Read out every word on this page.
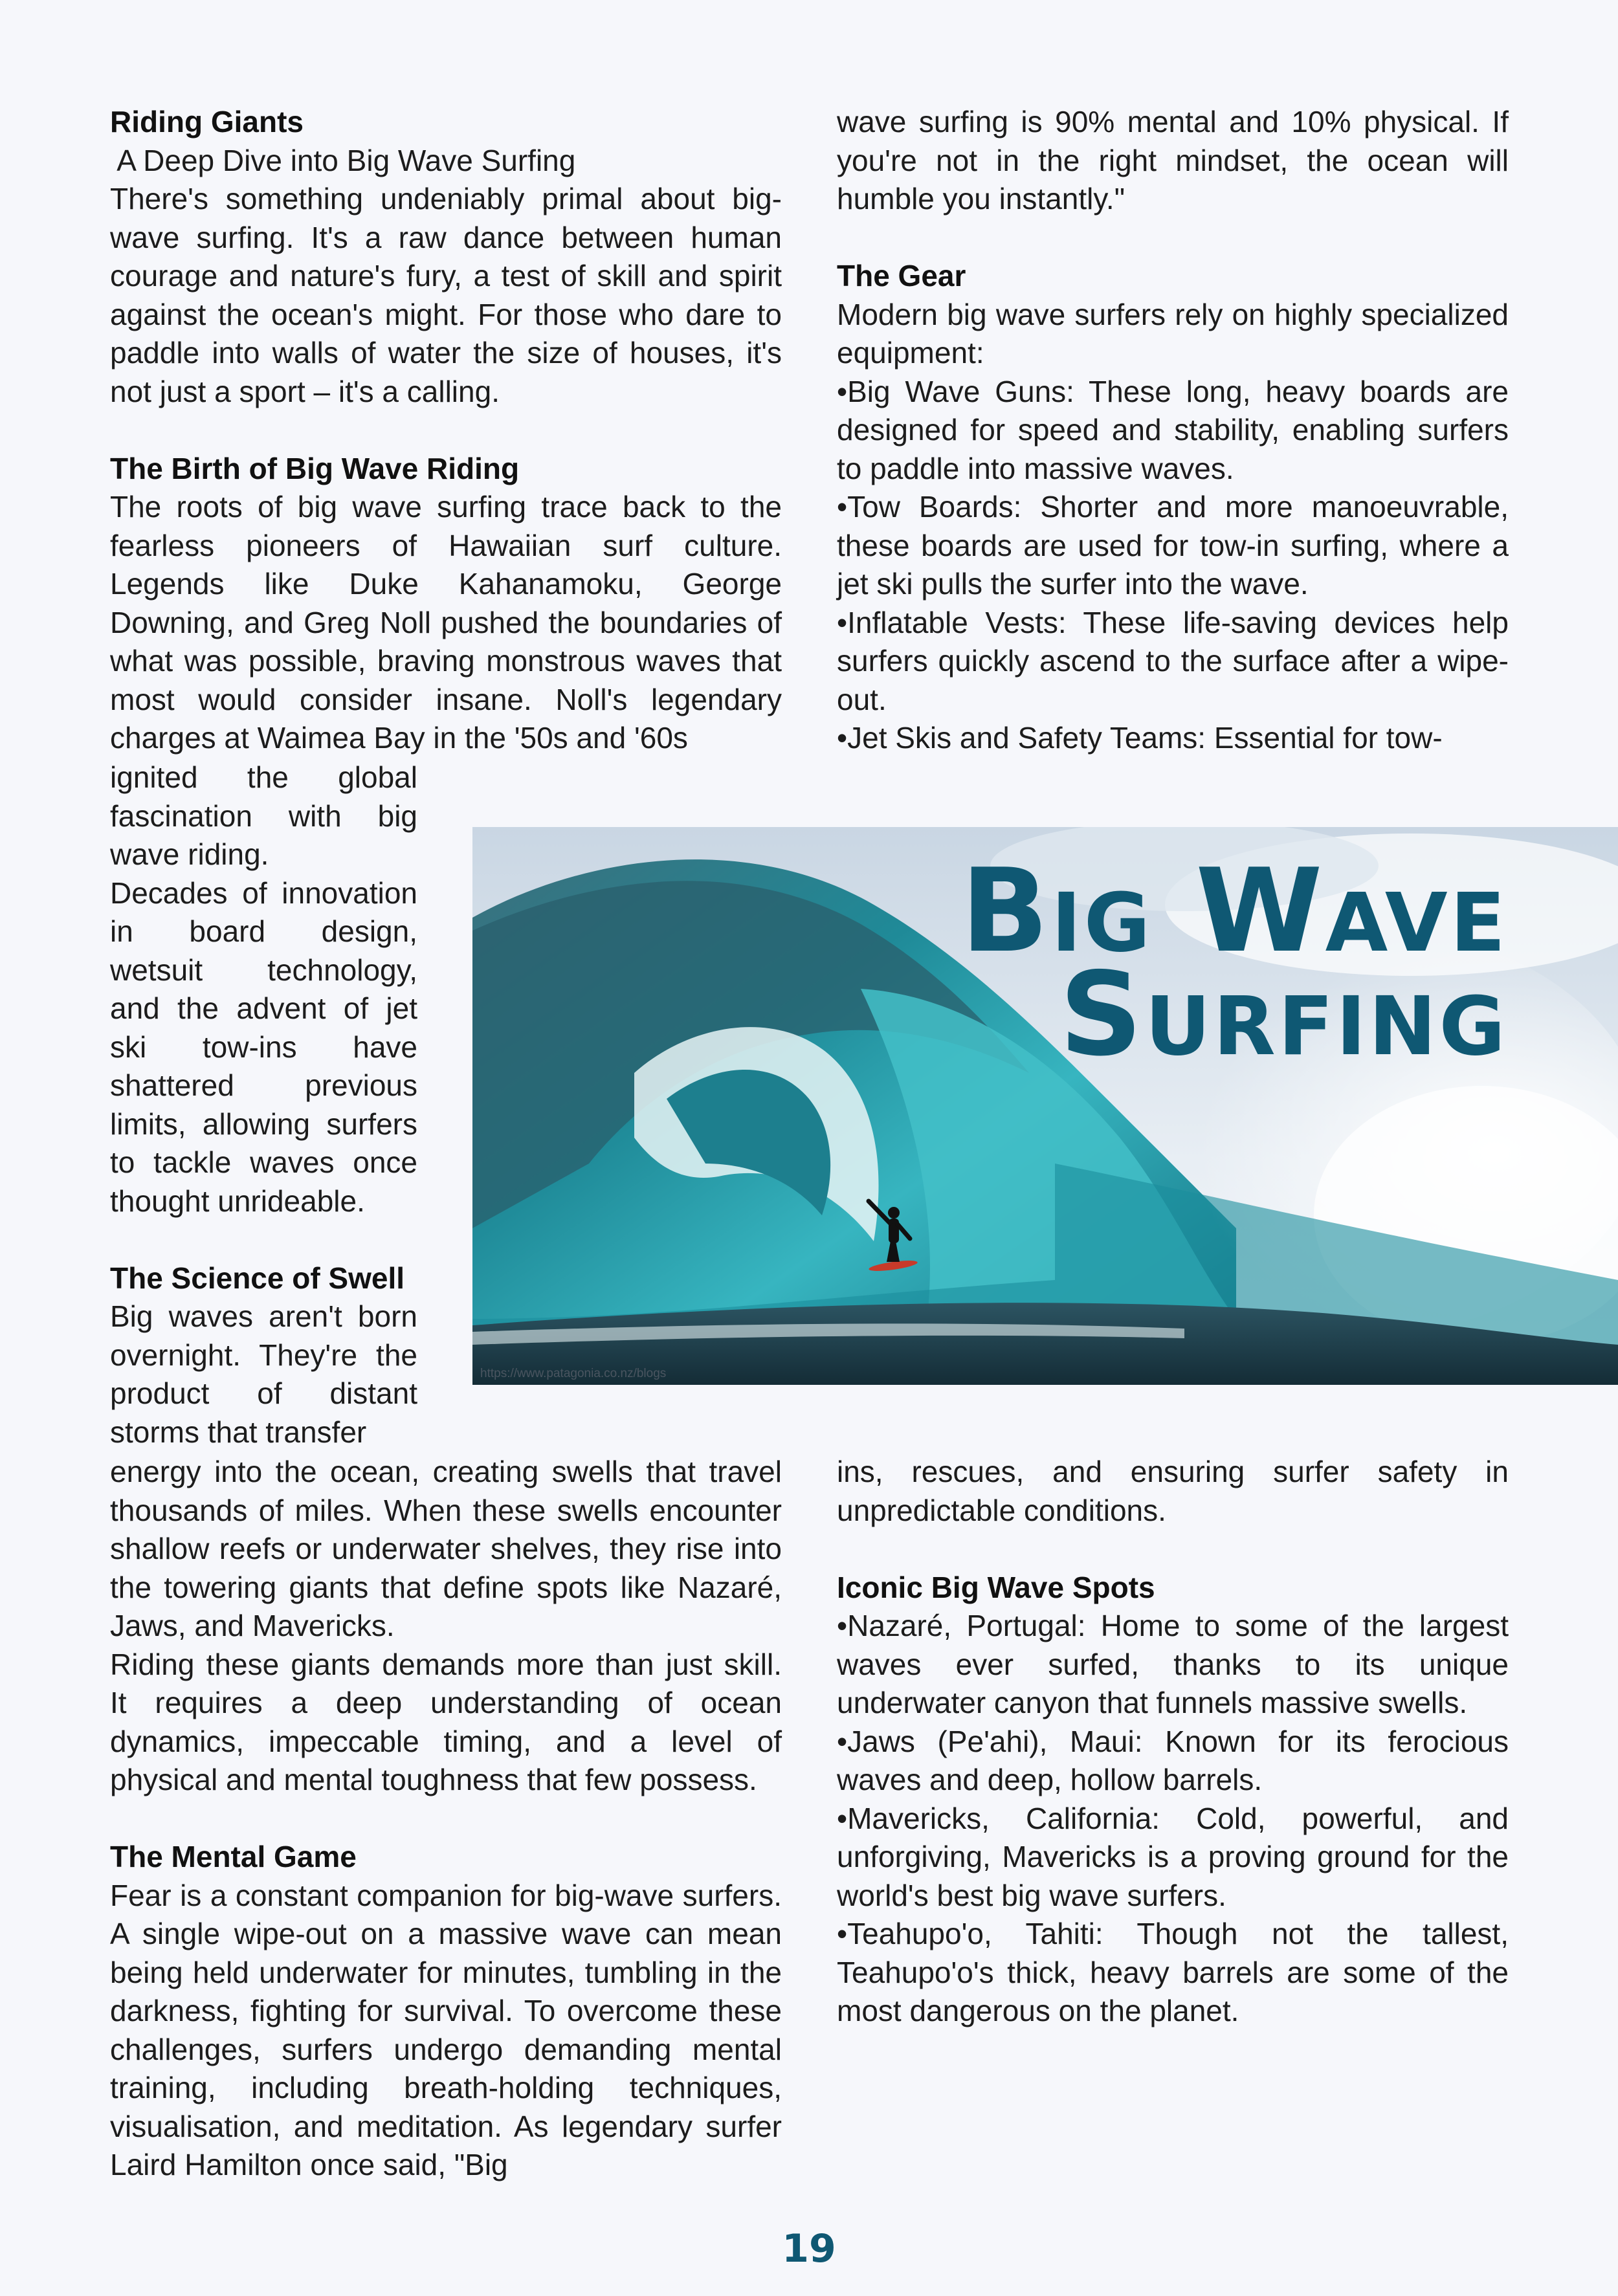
Riding Giants

A Deep Dive into Big Wave Surfing

There's something undeniably primal about big-wave surfing. It's a raw dance between human courage and nature's fury, a test of skill and spirit against the ocean's might. For those who dare to paddle into walls of water the size of houses, it's not just a sport – it's a calling.

The Birth of Big Wave Riding

The roots of big wave surfing trace back to the fearless pioneers of Hawaiian surf culture. Legends like Duke Kahanamoku, George Downing, and Greg Noll pushed the boundaries of what was possible, braving monstrous waves that most would consider insane. Noll's legendary charges at Waimea Bay in the '50s and '60s

ignited the global fascination with big wave riding.

Decades of innovation in board design, wetsuit technology, and the advent of jet ski tow-ins have shattered previous limits, allowing surfers to tackle waves once thought unrideable.

The Science of Swell

Big waves aren't born overnight. They're the product of distant storms that transfer

energy into the ocean, creating swells that travel thousands of miles. When these swells encounter shallow reefs or underwater shelves, they rise into the towering giants that define spots like Nazaré, Jaws, and Mavericks.

Riding these giants demands more than just skill. It requires a deep understanding of ocean dynamics, impeccable timing, and a level of physical and mental toughness that few possess.

The Mental Game

Fear is a constant companion for big-wave surfers. A single wipe-out on a massive wave can mean being held underwater for minutes, tumbling in the darkness, fighting for survival. To overcome these challenges, surfers undergo demanding mental training, including breath-holding techniques, visualisation, and meditation. As legendary surfer Laird Hamilton once said, "Big

wave surfing is 90% mental and 10% physical. If you're not in the right mindset, the ocean will humble you instantly."

The Gear

Modern big wave surfers rely on highly specialized equipment:

•Big Wave Guns: These long, heavy boards are designed for speed and stability, enabling surfers to paddle into massive waves.

•Tow Boards: Shorter and more manoeuvrable, these boards are used for tow-in surfing, where a jet ski pulls the surfer into the wave.

•Inflatable Vests: These life-saving devices help surfers quickly ascend to the surface after a wipe-out.

•Jet Skis and Safety Teams: Essential for tow-

ins, rescues, and ensuring surfer safety in unpredictable conditions.

Iconic Big Wave Spots

•Nazaré, Portugal: Home to some of the largest waves ever surfed, thanks to its unique underwater canyon that funnels massive swells.

•Jaws (Pe'ahi), Maui: Known for its ferocious waves and deep, hollow barrels.

•Mavericks, California: Cold, powerful, and unforgiving, Mavericks is a proving ground for the world's best big wave surfers.

•Teahupo'o, Tahiti: Though not the tallest, Teahupo'o's thick, heavy barrels are some of the most dangerous on the planet.

Big Wave
Surfing
https://www.patagonia.co.nz/blogs
19
